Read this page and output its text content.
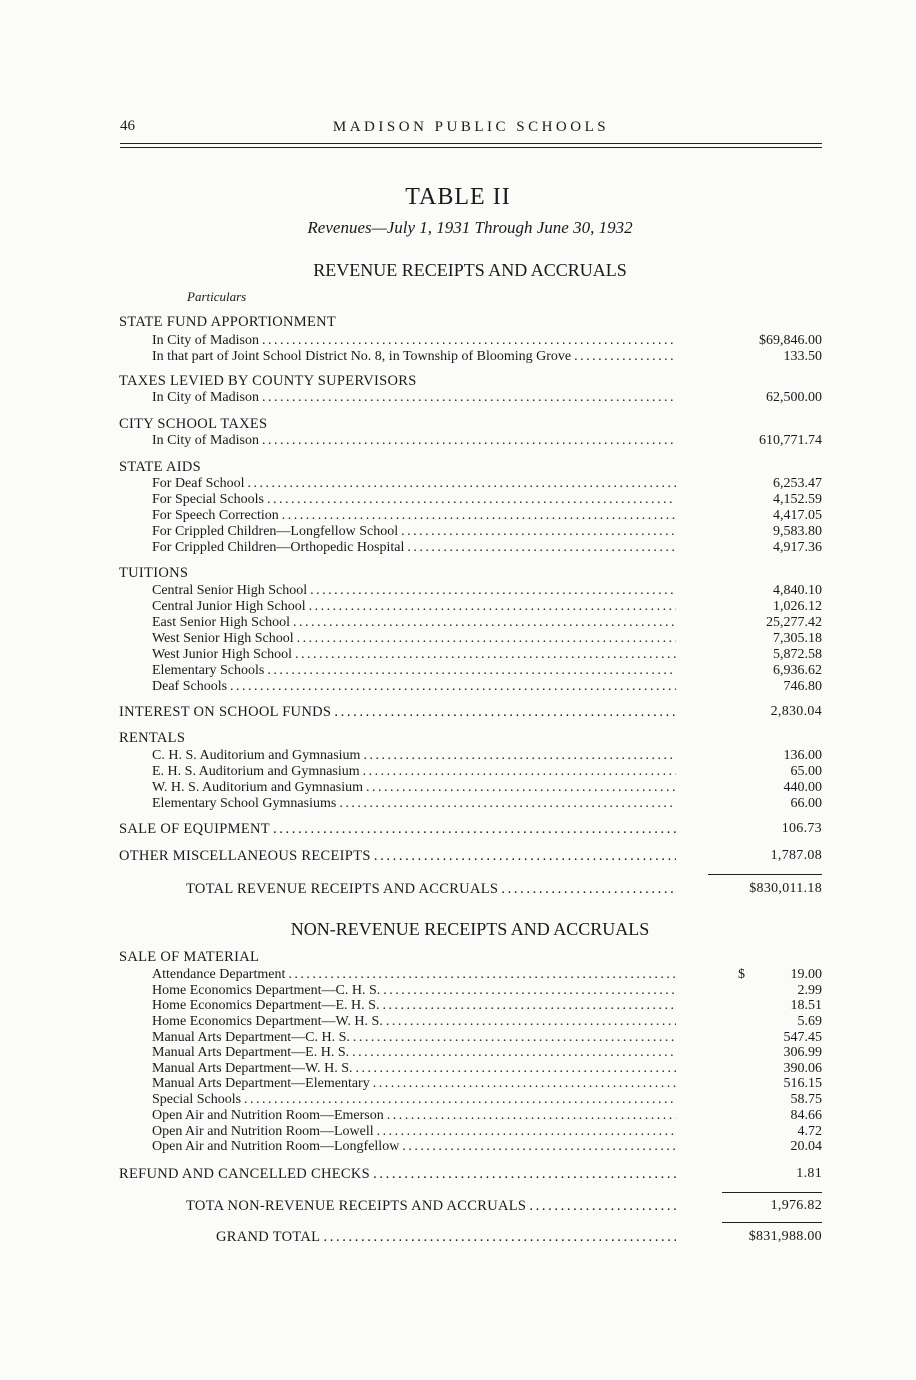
46	MADISON PUBLIC SCHOOLS
TABLE II
Revenues—July 1, 1931 Through June 30, 1932
REVENUE RECEIPTS AND ACCRUALS
Particulars
NON-REVENUE RECEIPTS AND ACCRUALS
STATE FUND APPORTIONMENT
In City of Madison . . .	$69,846.00
In that part of Joint School District No. 8, in Township of Blooming Grove . . .	133.50
TAXES LEVIED BY COUNTY SUPERVISORS
In City of Madison . . .	62,500.00
CITY SCHOOL TAXES
In City of Madison . . .	610,771.74
STATE AIDS
For Deaf School . . .	6,253.47
For Special Schools . . .	4,152.59
For Speech Correction . . .	4,417.05
For Crippled Children—Longfellow School . . .	9,583.80
For Crippled Children—Orthopedic Hospital . . .	4,917.36
TUITIONS
Central Senior High School . . .	4,840.10
Central Junior High School . . .	1,026.12
East Senior High School . . .	25,277.42
West Senior High School . . .	7,305.18
West Junior High School . . .	5,872.58
Elementary Schools . . .	6,936.62
Deaf Schools . . .	746.80
INTEREST ON SCHOOL FUNDS . . .	2,830.04
RENTALS
C. H. S. Auditorium and Gymnasium . . .	136.00
E. H. S. Auditorium and Gymnasium . . .	65.00
W. H. S. Auditorium and Gymnasium . . .	440.00
Elementary School Gymnasiums . . .	66.00
SALE OF EQUIPMENT . . .	106.73
OTHER MISCELLANEOUS RECEIPTS . . .	1,787.08
TOTAL REVENUE RECEIPTS AND ACCRUALS . . .	$830,011.18
SALE OF MATERIAL
Attendance Department . . .	19.00
$
Home Economics Department—C. H. S. . . .	2.99
Home Economics Department—E. H. S. . . .	18.51
Home Economics Department—W. H. S. . . .	5.69
Manual Arts Department—C. H. S. . . .	547.45
Manual Arts Department—E. H. S. . . .	306.99
Manual Arts Department—W. H. S. . . .	390.06
Manual Arts Department—Elementary . . .	516.15
Special Schools . . .	58.75
Open Air and Nutrition Room—Emerson . . .	84.66
Open Air and Nutrition Room—Lowell . . .	4.72
Open Air and Nutrition Room—Longfellow . . .	20.04
REFUND AND CANCELLED CHECKS . . .	1.81
TOTA NON-REVENUE RECEIPTS AND ACCRUALS . . .	1,976.82
GRAND TOTAL . . .	$831,988.00
